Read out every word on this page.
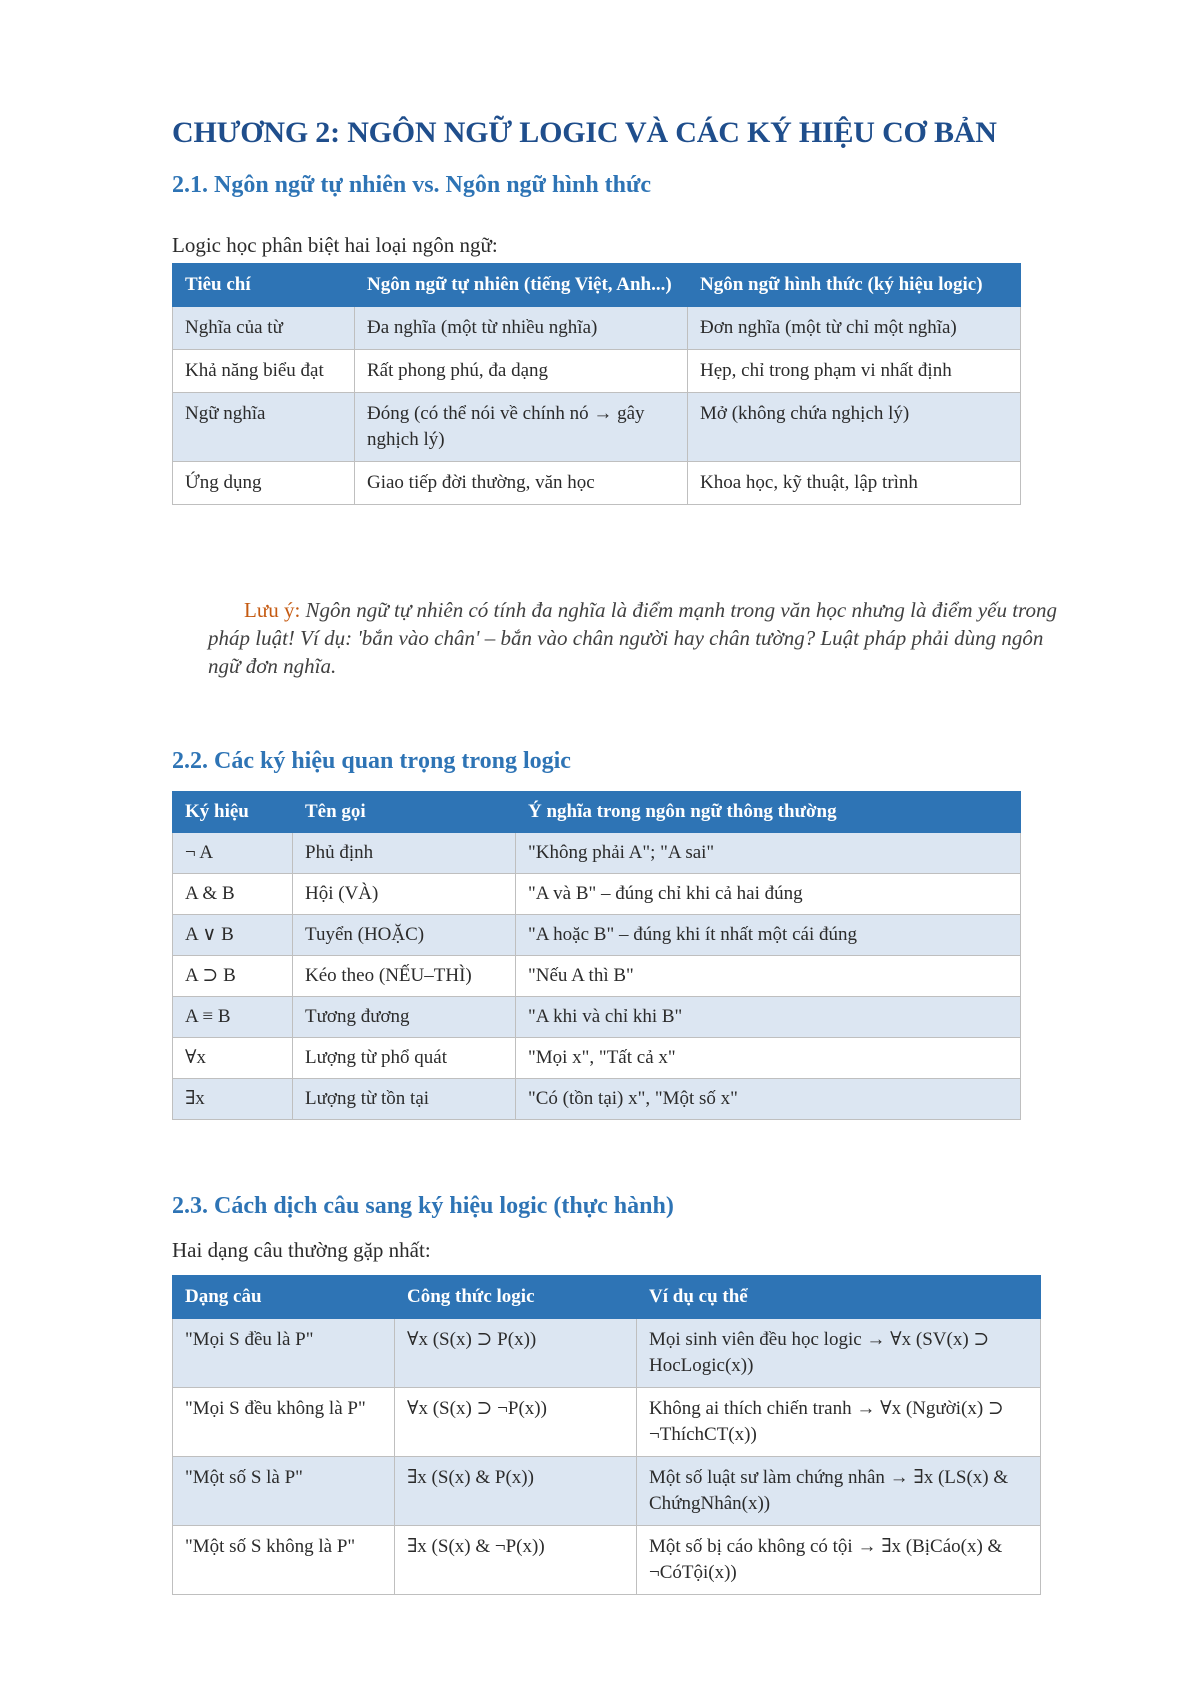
CHƯƠNG 2: NGÔN NGỮ LOGIC VÀ CÁC KÝ HIỆU CƠ BẢN
2.1. Ngôn ngữ tự nhiên vs. Ngôn ngữ hình thức

Logic học phân biệt hai loại ngôn ngữ:

Tiêu chí	Ngôn ngữ tự nhiên (tiếng Việt, Anh...)	Ngôn ngữ hình thức (ký hiệu logic)
Nghĩa của từ	Đa nghĩa (một từ nhiều nghĩa)	Đơn nghĩa (một từ chỉ một nghĩa)
Khả năng biểu đạt	Rất phong phú, đa dạng	Hẹp, chỉ trong phạm vi nhất định
Ngữ nghĩa	Đóng (có thể nói về chính nó → gây nghịch lý)	Mở (không chứa nghịch lý)
Ứng dụng	Giao tiếp đời thường, văn học	Khoa học, kỹ thuật, lập trình

Lưu ý: Ngôn ngữ tự nhiên có tính đa nghĩa là điểm mạnh trong văn học nhưng là điểm yếu trong pháp luật! Ví dụ: 'bắn vào chân' – bắn vào chân người hay chân tường? Luật pháp phải dùng ngôn ngữ đơn nghĩa.

2.2. Các ký hiệu quan trọng trong logic
Ký hiệu	Tên gọi	Ý nghĩa trong ngôn ngữ thông thường
¬ A	Phủ định	"Không phải A"; "A sai"
A & B	Hội (VÀ)	"A và B" – đúng chỉ khi cả hai đúng
A ∨ B	Tuyển (HOẶC)	"A hoặc B" – đúng khi ít nhất một cái đúng
A ⊃ B	Kéo theo (NẾU–THÌ)	"Nếu A thì B"
A ≡ B	Tương đương	"A khi và chỉ khi B"
∀x	Lượng từ phổ quát	"Mọi x", "Tất cả x"
∃x	Lượng từ tồn tại	"Có (tồn tại) x", "Một số x"
2.3. Cách dịch câu sang ký hiệu logic (thực hành)

Hai dạng câu thường gặp nhất:

Dạng câu	Công thức logic	Ví dụ cụ thể
"Mọi S đều là P"	∀x (S(x) ⊃ P(x))	Mọi sinh viên đều học logic → ∀x (SV(x) ⊃ HocLogic(x))
"Mọi S đều không là P"	∀x (S(x) ⊃ ¬P(x))	Không ai thích chiến tranh → ∀x (Người(x) ⊃ ¬ThíchCT(x))
"Một số S là P"	∃x (S(x) & P(x))	Một số luật sư làm chứng nhân → ∃x (LS(x) & ChứngNhân(x))
"Một số S không là P"	∃x (S(x) & ¬P(x))	Một số bị cáo không có tội → ∃x (BịCáo(x) & ¬CóTội(x))
